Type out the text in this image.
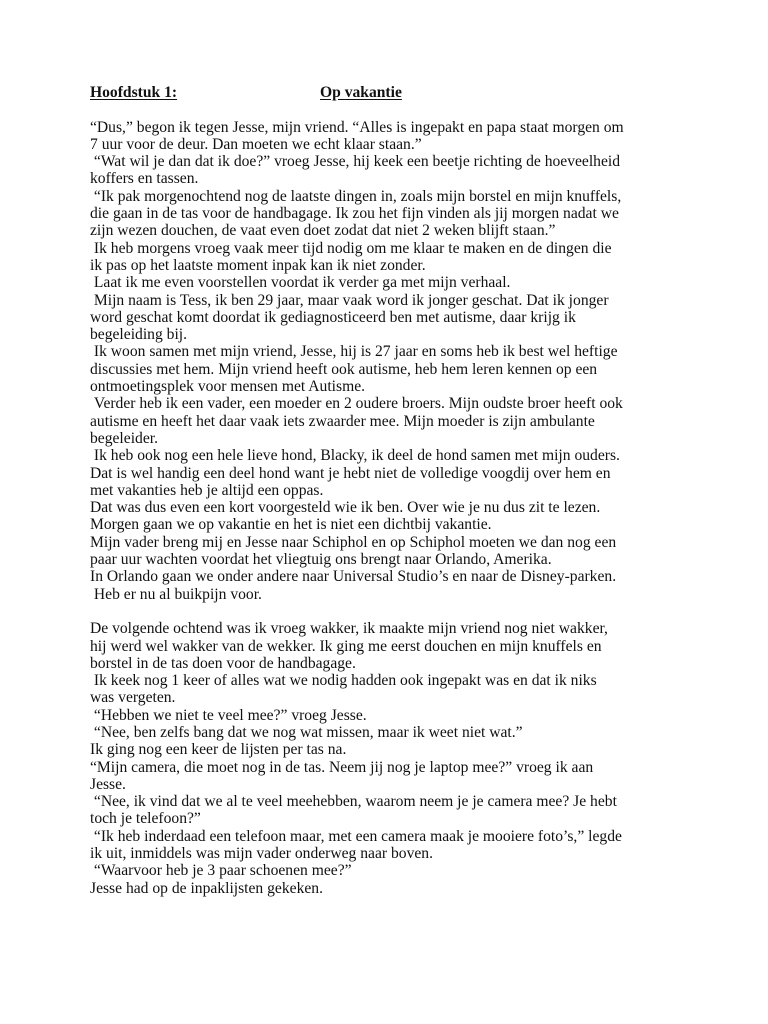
Hoofdstuk 1:	Op vakantie

“Dus,” begon ik tegen Jesse, mijn vriend. “Alles is ingepakt en papa staat morgen om
7 uur voor de deur. Dan moeten we echt klaar staan.”

“Wat wil je dan dat ik doe?” vroeg Jesse, hij keek een beetje richting de hoeveelheid
koffers en tassen.

“Ik pak morgenochtend nog de laatste dingen in, zoals mijn borstel en mijn knuffels,
die gaan in de tas voor de handbagage. Ik zou het fijn vinden als jij morgen nadat we
zijn wezen douchen, de vaat even doet zodat dat niet 2 weken blijft staan.”

Ik heb morgens vroeg vaak meer tijd nodig om me klaar te maken en de dingen die
ik pas op het laatste moment inpak kan ik niet zonder.

Laat ik me even voorstellen voordat ik verder ga met mijn verhaal.

Mijn naam is Tess, ik ben 29 jaar, maar vaak word ik jonger geschat. Dat ik jonger
word geschat komt doordat ik gediagnosticeerd ben met autisme, daar krijg ik
begeleiding bij.

Ik woon samen met mijn vriend, Jesse, hij is 27 jaar en soms heb ik best wel heftige
discussies met hem. Mijn vriend heeft ook autisme, heb hem leren kennen op een
ontmoetingsplek voor mensen met Autisme.

Verder heb ik een vader, een moeder en 2 oudere broers. Mijn oudste broer heeft ook
autisme en heeft het daar vaak iets zwaarder mee. Mijn moeder is zijn ambulante
begeleider.

Ik heb ook nog een hele lieve hond, Blacky, ik deel de hond samen met mijn ouders.
Dat is wel handig een deel hond want je hebt niet de volledige voogdij over hem en
met vakanties heb je altijd een oppas.

Dat was dus even een kort voorgesteld wie ik ben. Over wie je nu dus zit te lezen.
Morgen gaan we op vakantie en het is niet een dichtbij vakantie.

Mijn vader breng mij en Jesse naar Schiphol en op Schiphol moeten we dan nog een
paar uur wachten voordat het vliegtuig ons brengt naar Orlando, Amerika.

In Orlando gaan we onder andere naar Universal Studio’s en naar de Disney-parken.

Heb er nu al buikpijn voor.

De volgende ochtend was ik vroeg wakker, ik maakte mijn vriend nog niet wakker,
hij werd wel wakker van de wekker. Ik ging me eerst douchen en mijn knuffels en
borstel in de tas doen voor de handbagage.

Ik keek nog 1 keer of alles wat we nodig hadden ook ingepakt was en dat ik niks
was vergeten.

“Hebben we niet te veel mee?” vroeg Jesse.

“Nee, ben zelfs bang dat we nog wat missen, maar ik weet niet wat.”

Ik ging nog een keer de lijsten per tas na.

“Mijn camera, die moet nog in de tas. Neem jij nog je laptop mee?” vroeg ik aan
Jesse.

“Nee, ik vind dat we al te veel meehebben, waarom neem je je camera mee? Je hebt
toch je telefoon?”

“Ik heb inderdaad een telefoon maar, met een camera maak je mooiere foto’s,” legde
ik uit, inmiddels was mijn vader onderweg naar boven.

“Waarvoor heb je 3 paar schoenen mee?”

Jesse had op de inpaklijsten gekeken.
